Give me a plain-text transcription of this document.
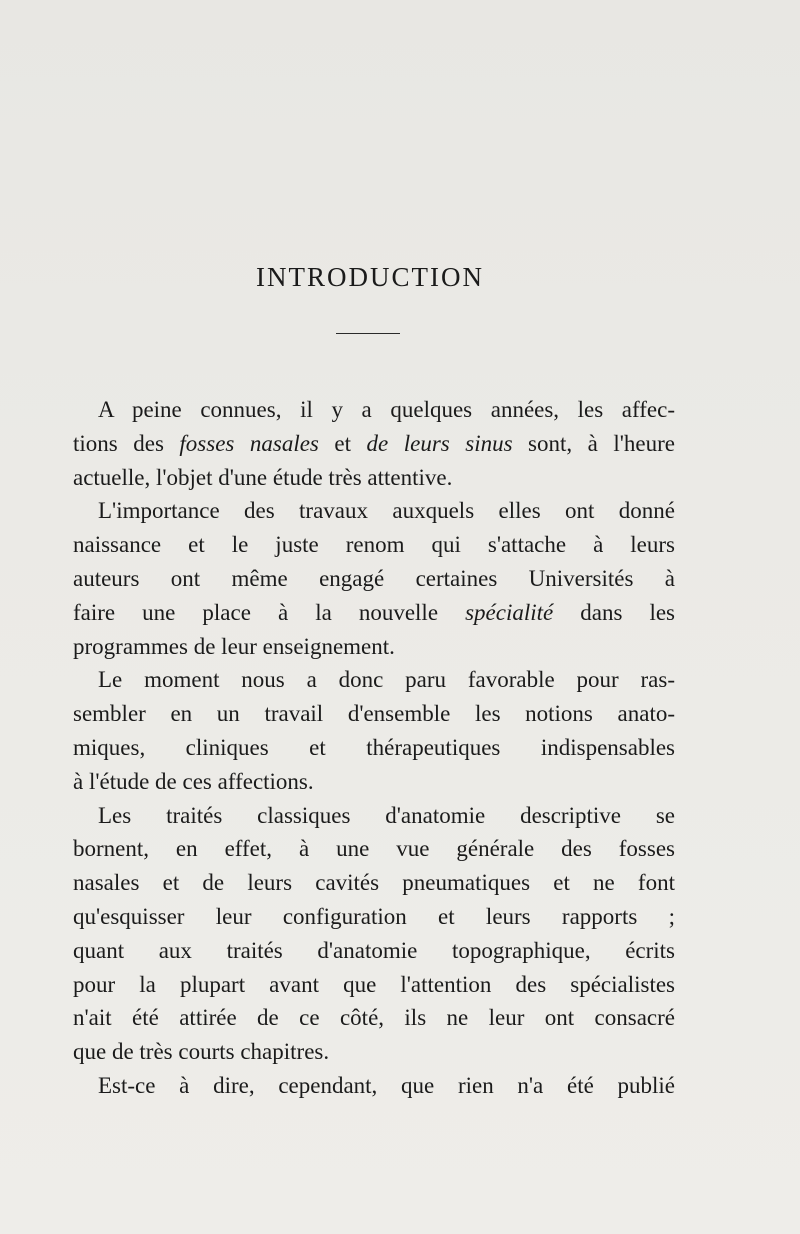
INTRODUCTION
A peine connues, il y a quelques années, les affec-
tions des fosses nasales et de leurs sinus sont, à l'heure
actuelle, l'objet d'une étude très attentive.
L'importance des travaux auxquels elles ont donné
naissance et le juste renom qui s'attache à leurs
auteurs ont même engagé certaines Universités à
faire une place à la nouvelle spécialité dans les
programmes de leur enseignement.
Le moment nous a donc paru favorable pour ras-
sembler en un travail d'ensemble les notions anato-
miques, cliniques et thérapeutiques indispensables
à l'étude de ces affections.
Les traités classiques d'anatomie descriptive se
bornent, en effet, à une vue générale des fosses
nasales et de leurs cavités pneumatiques et ne font
qu'esquisser leur configuration et leurs rapports ;
quant aux traités d'anatomie topographique, écrits
pour la plupart avant que l'attention des spécialistes
n'ait été attirée de ce côté, ils ne leur ont consacré
que de très courts chapitres.
Est-ce à dire, cependant, que rien n'a été publié
